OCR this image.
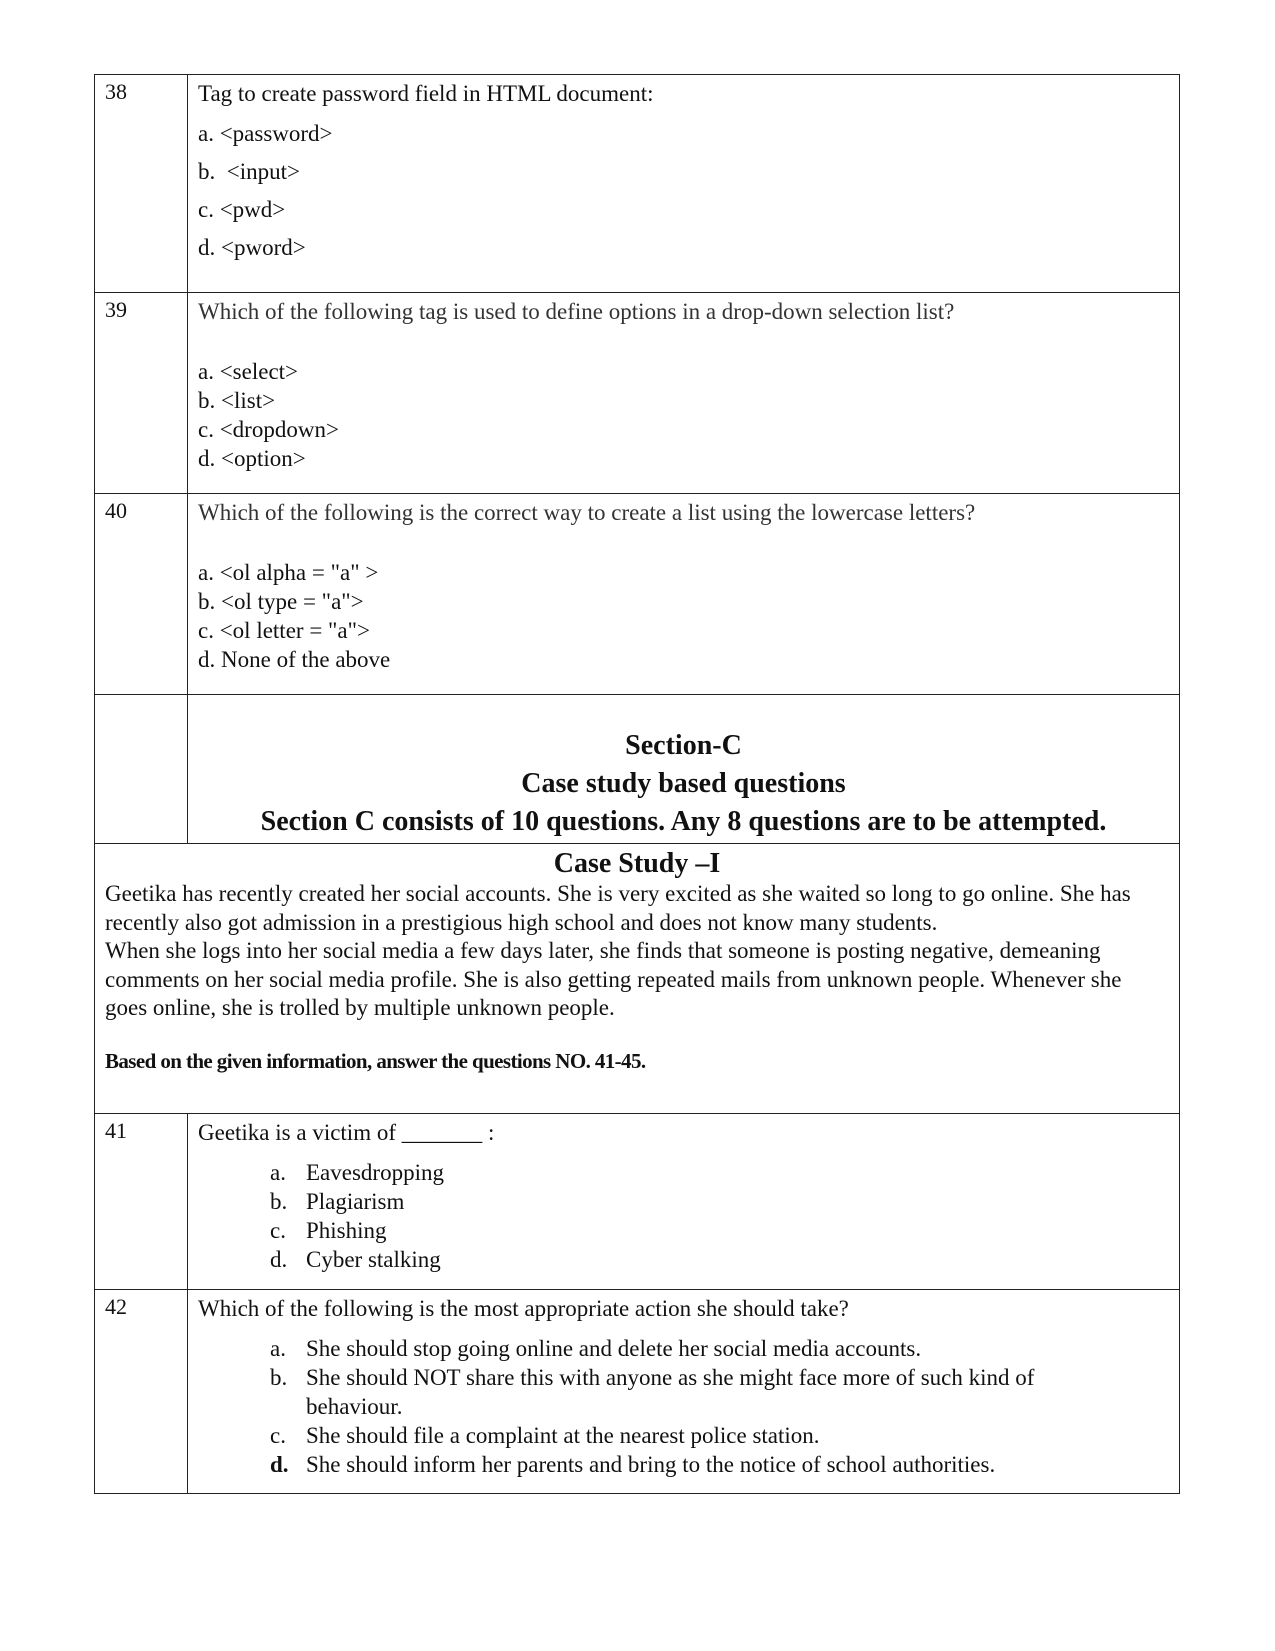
38	Tag to create password field in HTML document:

a. <password>

b.  <input>

c. <pwd>

d. <pword>

39	Which of the following tag is used to define options in a drop-down selection list?

a. <select>

b. <list>

c. <dropdown>

d. <option>

40	Which of the following is the correct way to create a list using the lowercase letters?

a. <ol alpha = "a" >

b. <ol type = "a">

c. <ol letter = "a">

d. None of the above

Section-C
Case study based questions
Section C consists of 10 questions. Any 8 questions are to be attempted.
Case Study –I

Geetika has recently created her social accounts. She is very excited as she waited so long to go online. She has recently also got admission in a prestigious high school and does not know many students.

When she logs into her social media a few days later, she finds that someone is posting negative, demeaning comments on her social media profile. She is also getting repeated mails from unknown people. Whenever she goes online, she is trolled by multiple unknown people.

Based on the given information, answer the questions NO. 41-45.
41	Geetika is a victim of _______ :

a. Eavesdropping
b. Plagiarism
c. Phishing
d. Cyber stalking
42	Which of the following is the most appropriate action she should take?

a. She should stop going online and delete her social media accounts.
b. She should NOT share this with anyone as she might face more of such kind of behaviour.
c. She should file a complaint at the nearest police station.
d. She should inform her parents and bring to the notice of school authorities.
